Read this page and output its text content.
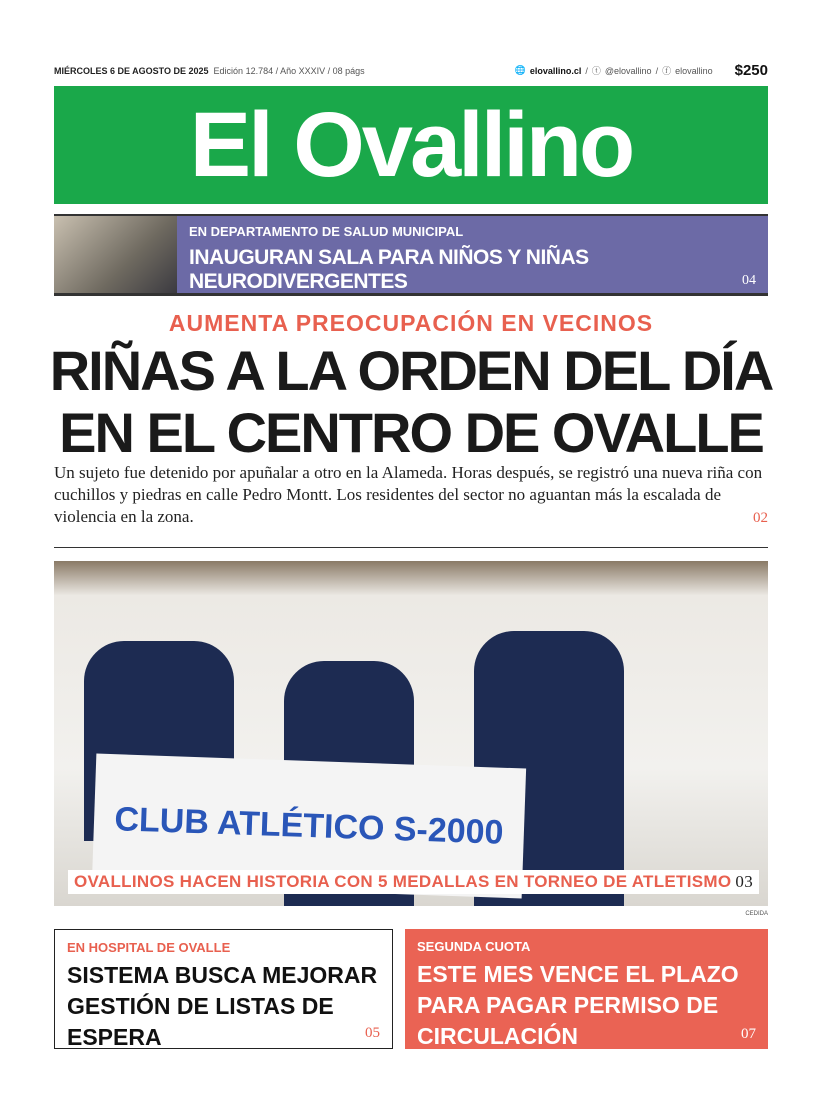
MIÉRCOLES 6 DE AGOSTO DE 2025 Edición 12.784 / Año XXXIV / 08 págs	🌐 elovallino.cl / ⓣ @elovallino / ⓕ elovallino $250
El Ovallino
EN DEPARTAMENTO DE SALUD MUNICIPAL
INAUGURAN SALA PARA NIÑOS Y NIÑAS NEURODIVERGENTES	04
AUMENTA PREOCUPACIÓN EN VECINOS
RIÑAS A LA ORDEN DEL DÍA
EN EL CENTRO DE OVALLE
Un sujeto fue detenido por apuñalar a otro en la Alameda. Horas después, se registró una nueva riña con cuchillos y piedras en calle Pedro Montt. Los residentes del sector no aguantan más la escalada de violencia en la zona.	02
CLUB ATLÉTICO S-2000
OVALLINOS HACEN HISTORIA CON 5 MEDALLAS EN TORNEO DE ATLETISMO 03
CEDIDA
EN HOSPITAL DE OVALLE
SISTEMA BUSCA MEJORAR GESTIÓN DE LISTAS DE ESPERA	05
SEGUNDA CUOTA
ESTE MES VENCE EL PLAZO PARA PAGAR PERMISO DE CIRCULACIÓN	07
